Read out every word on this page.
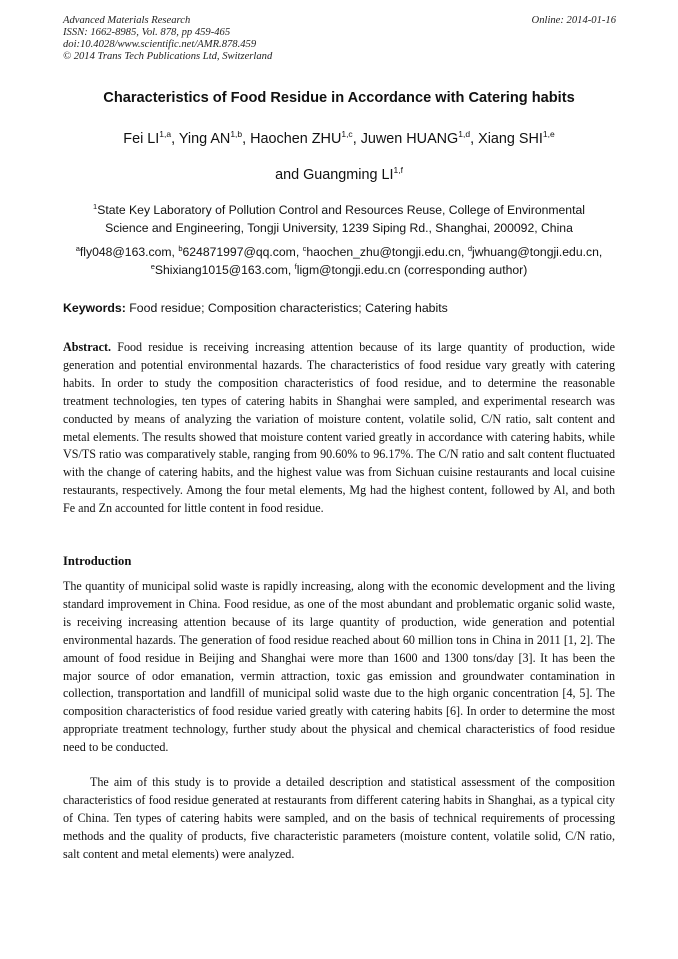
Advanced Materials Research
ISSN: 1662-8985, Vol. 878, pp 459-465
doi:10.4028/www.scientific.net/AMR.878.459
© 2014 Trans Tech Publications Ltd, Switzerland
Online: 2014-01-16
Characteristics of Food Residue in Accordance with Catering habits
Fei LI$^{1,a}$, Ying AN$^{1,b}$, Haochen ZHU$^{1,c}$, Juwen HUANG$^{1,d}$, Xiang SHI$^{1,e}$
and Guangming LI$^{1,f}$
$^1$State Key Laboratory of Pollution Control and Resources Reuse, College of Environmental
Science and Engineering, Tongji University, 1239 Siping Rd., Shanghai, 200092, China
$^a$fly048@163.com, $^b$624871997@qq.com, $^c$haochen_zhu@tongji.edu.cn, $^d$jwhuang@tongji.edu.cn,
$^e$Shixiang1015@163.com, $^f$ligm@tongji.edu.cn (corresponding author)
Keywords: Food residue; Composition characteristics; Catering habits
Abstract. Food residue is receiving increasing attention because of its large quantity of production, wide generation and potential environmental hazards. The characteristics of food residue vary greatly with catering habits. In order to study the composition characteristics of food residue, and to determine the reasonable treatment technologies, ten types of catering habits in Shanghai were sampled, and experimental research was conducted by means of analyzing the variation of moisture content, volatile solid, C/N ratio, salt content and metal elements. The results showed that moisture content varied greatly in accordance with catering habits, while VS/TS ratio was comparatively stable, ranging from 90.60% to 96.17%. The C/N ratio and salt content fluctuated with the change of catering habits, and the highest value was from Sichuan cuisine restaurants and local cuisine restaurants, respectively. Among the four metal elements, Mg had the highest content, followed by Al, and both Fe and Zn accounted for little content in food residue.
Introduction
The quantity of municipal solid waste is rapidly increasing, along with the economic development and the living standard improvement in China. Food residue, as one of the most abundant and problematic organic solid waste, is receiving increasing attention because of its large quantity of production, wide generation and potential environmental hazards. The generation of food residue reached about 60 million tons in China in 2011 [1, 2]. The amount of food residue in Beijing and Shanghai were more than 1600 and 1300 tons/day [3]. It has been the major source of odor emanation, vermin attraction, toxic gas emission and groundwater contamination in collection, transportation and landfill of municipal solid waste due to the high organic concentration [4, 5]. The composition characteristics of food residue varied greatly with catering habits [6]. In order to determine the most appropriate treatment technology, further study about the physical and chemical characteristics of food residue need to be conducted.
The aim of this study is to provide a detailed description and statistical assessment of the composition characteristics of food residue generated at restaurants from different catering habits in Shanghai, as a typical city of China. Ten types of catering habits were sampled, and on the basis of technical requirements of processing methods and the quality of products, five characteristic parameters (moisture content, volatile solid, C/N ratio, salt content and metal elements) were analyzed.
